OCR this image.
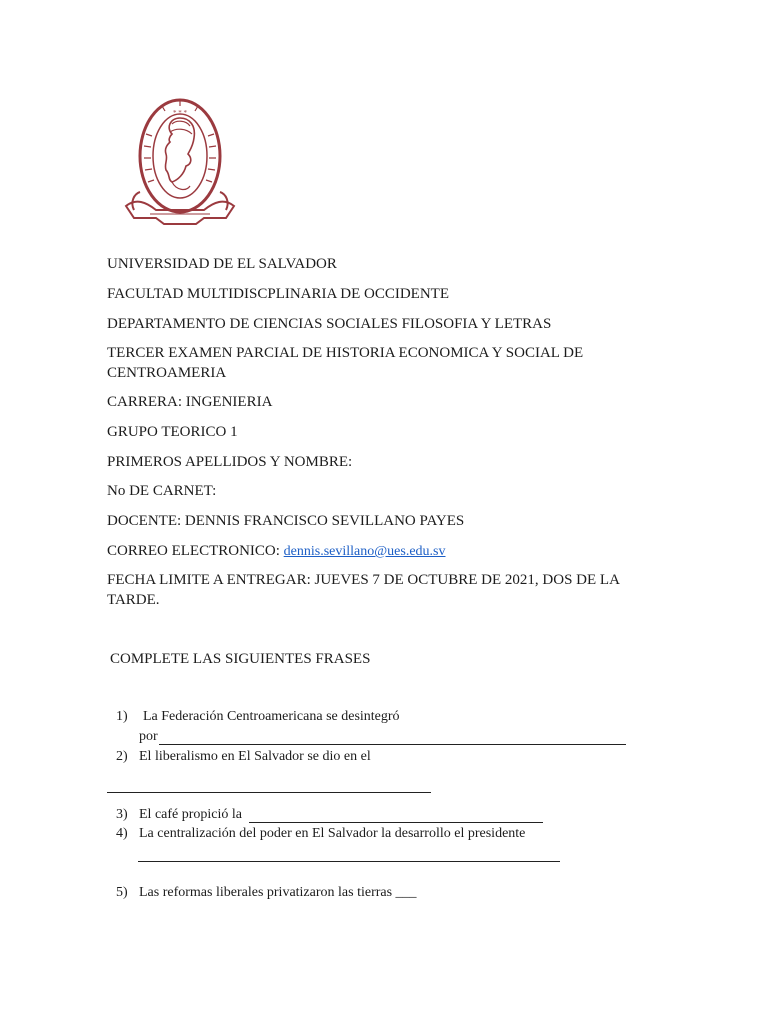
* * *
UNIVERSIDAD DE EL SALVADOR
FACULTAD MULTIDISCPLINARIA DE OCCIDENTE
DEPARTAMENTO DE CIENCIAS SOCIALES FILOSOFIA Y LETRAS
TERCER EXAMEN PARCIAL DE HISTORIA ECONOMICA Y SOCIAL DE CENTROAMERIA
CARRERA: INGENIERIA
GRUPO TEORICO 1
PRIMEROS APELLIDOS Y NOMBRE:
No DE CARNET:
DOCENTE: DENNIS FRANCISCO SEVILLANO PAYES
CORREO ELECTRONICO: dennis.sevillano@ues.edu.sv
FECHA LIMITE A ENTREGAR: JUEVES 7 DE OCTUBRE DE 2021, DOS DE LA TARDE.
COMPLETE LAS SIGUIENTES FRASES
1) La Federación Centroamericana se desintegró
por
2) El liberalismo en El Salvador se dio en el
3) El café propició la
4) La centralización del poder en El Salvador la desarrollo el presidente
5) Las reformas liberales privatizaron las tierras ___
